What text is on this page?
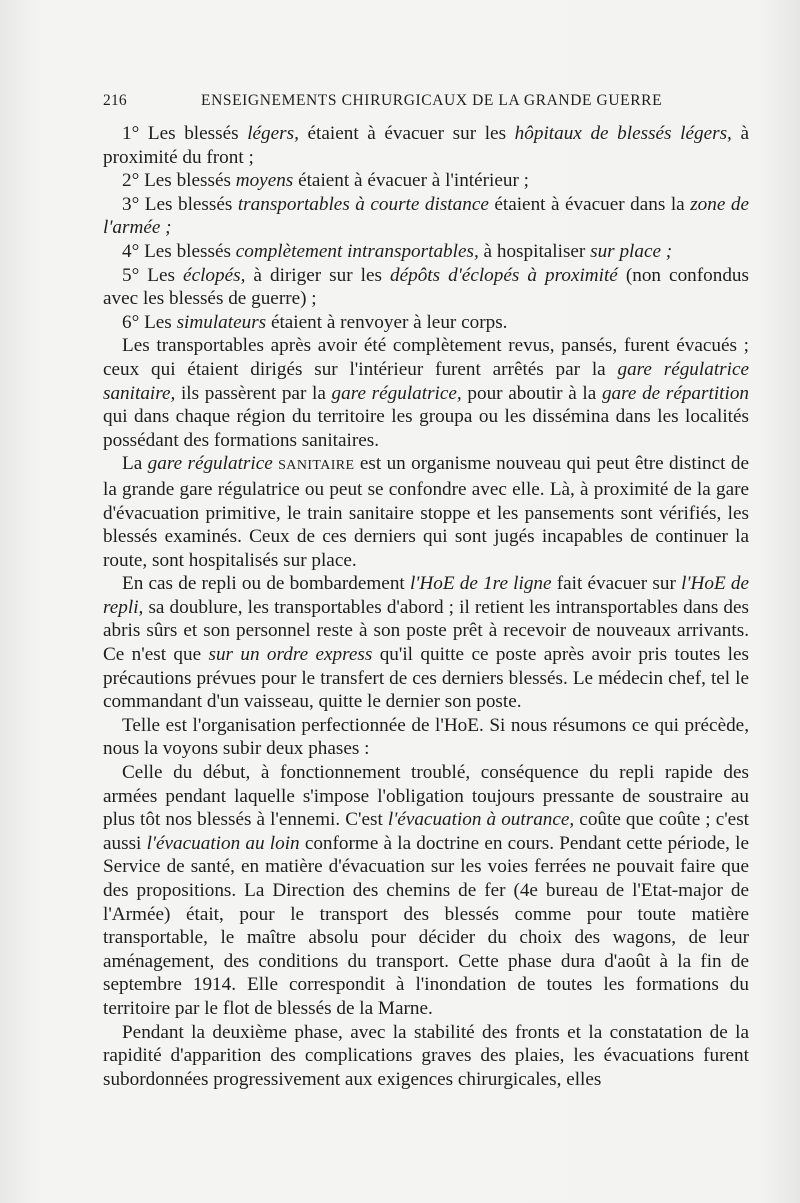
216	ENSEIGNEMENTS CHIRURGICAUX DE LA GRANDE GUERRE

1° Les blessés légers, étaient à évacuer sur les hôpitaux de blessés légers, à proximité du front ;

2° Les blessés moyens étaient à évacuer à l'intérieur ;

3° Les blessés transportables à courte distance étaient à évacuer dans la zone de l'armée ;

4° Les blessés complètement intransportables, à hospitaliser sur place ;

5° Les éclopés, à diriger sur les dépôts d'éclopés à proximité (non confondus avec les blessés de guerre) ;

6° Les simulateurs étaient à renvoyer à leur corps.

Les transportables après avoir été complètement revus, pansés, furent évacués ; ceux qui étaient dirigés sur l'intérieur furent arrêtés par la gare régulatrice sanitaire, ils passèrent par la gare régulatrice, pour aboutir à la gare de répartition qui dans chaque région du territoire les groupa ou les dissémina dans les localités possédant des formations sanitaires.

La gare régulatrice SANITAIRE est un organisme nouveau qui peut être distinct de la grande gare régulatrice ou peut se confondre avec elle. Là, à proximité de la gare d'évacuation primitive, le train sanitaire stoppe et les pansements sont vérifiés, les blessés examinés. Ceux de ces derniers qui sont jugés incapables de continuer la route, sont hospitalisés sur place.

En cas de repli ou de bombardement l'HoE de 1re ligne fait évacuer sur l'HoE de repli, sa doublure, les transportables d'abord ; il retient les intransportables dans des abris sûrs et son personnel reste à son poste prêt à recevoir de nouveaux arrivants. Ce n'est que sur un ordre express qu'il quitte ce poste après avoir pris toutes les précautions prévues pour le transfert de ces derniers blessés. Le médecin chef, tel le commandant d'un vaisseau, quitte le dernier son poste.

Telle est l'organisation perfectionnée de l'HoE. Si nous résumons ce qui précède, nous la voyons subir deux phases :

Celle du début, à fonctionnement troublé, conséquence du repli rapide des armées pendant laquelle s'impose l'obligation toujours pressante de soustraire au plus tôt nos blessés à l'ennemi. C'est l'évacuation à outrance, coûte que coûte ; c'est aussi l'évacuation au loin conforme à la doctrine en cours. Pendant cette période, le Service de santé, en matière d'évacuation sur les voies ferrées ne pouvait faire que des propositions. La Direction des chemins de fer (4e bureau de l'Etat-major de l'Armée) était, pour le transport des blessés comme pour toute matière transportable, le maître absolu pour décider du choix des wagons, de leur aménagement, des conditions du transport. Cette phase dura d'août à la fin de septembre 1914. Elle correspondit à l'inondation de toutes les formations du territoire par le flot de blessés de la Marne.

Pendant la deuxième phase, avec la stabilité des fronts et la constatation de la rapidité d'apparition des complications graves des plaies, les évacuations furent subordonnées progressivement aux exigences chirurgicales, elles
